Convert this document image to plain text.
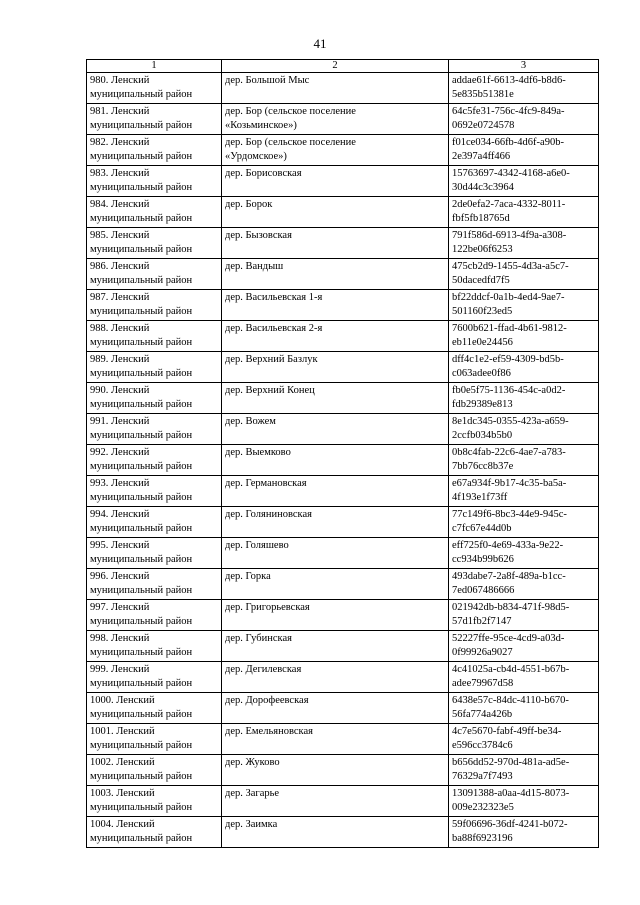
41
1	2	3

980. Ленский
муниципальный район	дер. Большой Мыс	addae61f-6613-4df6-b8d6-
5e835b51381e

981. Ленский
муниципальный район	дер. Бор (сельское поселение
«Козьминское»)	64c5fe31-756c-4fc9-849a-
0692e0724578

982. Ленский
муниципальный район	дер. Бор (сельское поселение
«Урдомское»)	f01ce034-66fb-4d6f-a90b-
2e397a4ff466

983. Ленский
муниципальный район	дер. Борисовская	15763697-4342-4168-a6e0-
30d44c3c3964

984. Ленский
муниципальный район	дер. Борок	2de0efa2-7aca-4332-8011-
fbf5fb18765d

985. Ленский
муниципальный район	дер. Бызовская	791f586d-6913-4f9a-a308-
122be06f6253

986. Ленский
муниципальный район	дер. Вандыш	475cb2d9-1455-4d3a-a5c7-
50dacedfd7f5

987. Ленский
муниципальный район	дер. Васильевская 1-я	bf22ddcf-0a1b-4ed4-9ae7-
501160f23ed5

988. Ленский
муниципальный район	дер. Васильевская 2-я	7600b621-ffad-4b61-9812-
eb11e0e24456

989. Ленский
муниципальный район	дер. Верхний Базлук	dff4c1e2-ef59-4309-bd5b-
c063adee0f86

990. Ленский
муниципальный район	дер. Верхний Конец	fb0e5f75-1136-454c-a0d2-
fdb29389e813

991. Ленский
муниципальный район	дер. Вожем	8e1dc345-0355-423a-a659-
2ccfb034b5b0

992. Ленский
муниципальный район	дер. Выемково	0b8c4fab-22c6-4ae7-a783-
7bb76cc8b37e

993. Ленский
муниципальный район	дер. Германовская	e67a934f-9b17-4c35-ba5a-
4f193e1f73ff

994. Ленский
муниципальный район	дер. Голяниновская	77c149f6-8bc3-44e9-945c-
c7fc67e44d0b

995. Ленский
муниципальный район	дер. Голяшево	eff725f0-4e69-433a-9e22-
cc934b99b626

996. Ленский
муниципальный район	дер. Горка	493dabe7-2a8f-489a-b1cc-
7ed067486666

997. Ленский
муниципальный район	дер. Григорьевская	021942db-b834-471f-98d5-
57d1fb2f7147

998. Ленский
муниципальный район	дер. Губинская	52227ffe-95ce-4cd9-a03d-
0f99926a9027

999. Ленский
муниципальный район	дер. Дегилевская	4c41025a-cb4d-4551-b67b-
adee79967d58

1000. Ленский
муниципальный район	дер. Дорофеевская	6438e57c-84dc-4110-b670-
56fa774a426b

1001. Ленский
муниципальный район	дер. Емельяновская	4c7e5670-fabf-49ff-be34-
e596cc3784c6

1002. Ленский
муниципальный район	дер. Жуково	b656dd52-970d-481a-ad5e-
76329a7f7493

1003. Ленский
муниципальный район	дер. Загарье	13091388-a0aa-4d15-8073-
009e232323e5

1004. Ленский
муниципальный район	дер. Заимка	59f06696-36df-4241-b072-
ba88f6923196
